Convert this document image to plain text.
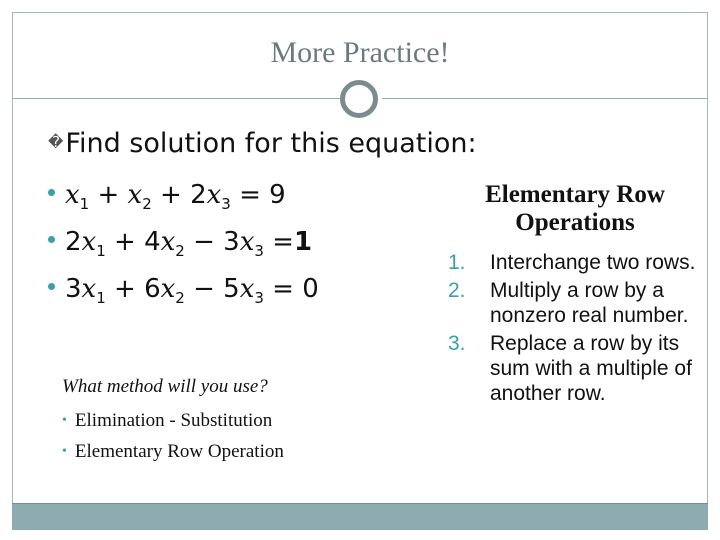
More Practice!
�Find solution for this equation:
$x_1 + x_2 + 2x_3 = 9$
$2x_1 + 4x_2 - 3x_3 =1$
$3x_1 + 6x_2 - 5x_3 = 0$
What method will you use?
• Elimination - Substitution
• Elementary Row Operation
Elementary Row Operations
1.	Interchange two rows.
2.	Multiply a row by a nonzero real number.
3.	Replace a row by its sum with a multiple of another row.
